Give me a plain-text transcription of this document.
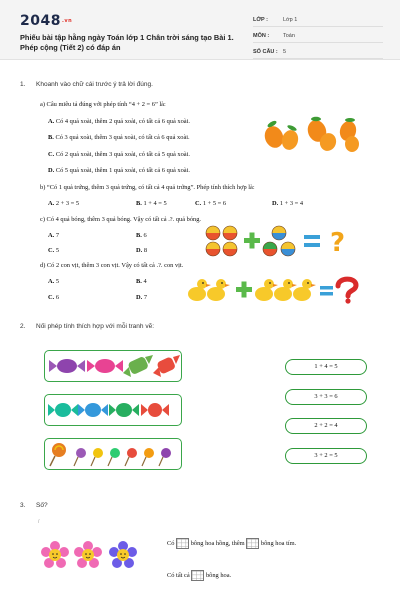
2048.vn
Phiếu bài tập hằng ngày Toán lớp 1 Chân trời sáng tạo Bài 1. Phép cộng (Tiết 2) có đáp án
LỚP :	Lớp 1
MÔN :	Toán
SỐ CÂU : 5
1. Khoanh vào chữ cái trước ý trả lời đúng.
a) Câu miêu tả đúng với phép tính “4 + 2 = 6” là:
A. Có 4 quả xoài, thêm 2 quả xoài, có tất cả 6 quả xoài.
B. Có 3 quả xoài, thêm 3 quả xoài, có tất cả 6 quả xoài.
C. Có 2 quả xoài, thêm 3 quả xoài, có tất cả 5 quả xoài.
D. Có 5 quả xoài, thêm 1 quả xoài, có tất cả 6 quả xoài.
b) “Có 1 quả trứng, thêm 3 quả trứng, có tất cả 4 quả trứng”. Phép tính thích hợp là:
A. 2 + 3 = 5	B. 1 + 4 = 5	C. 1 + 5 = 6	D. 1 + 3 = 4
c) Có 4 quả bóng, thêm 3 quả bóng. Vậy có tất cả .?. quả bóng.
A. 7	B. 6
C. 5	D. 8	?
d) Có 2 con vịt, thêm 3 con vịt. Vậy có tất cả .?. con vịt.
A. 5	B. 4
C. 6	D. 7
2. Nối phép tính thích hợp với mỗi tranh vẽ:
1 + 4 = 5
3 + 3 = 6
2 + 2 = 4
3 + 2 = 5
3. Số?
/
Có	bông hoa hồng, thêm	bông hoa tím.
Có tất cả	bông hoa.
